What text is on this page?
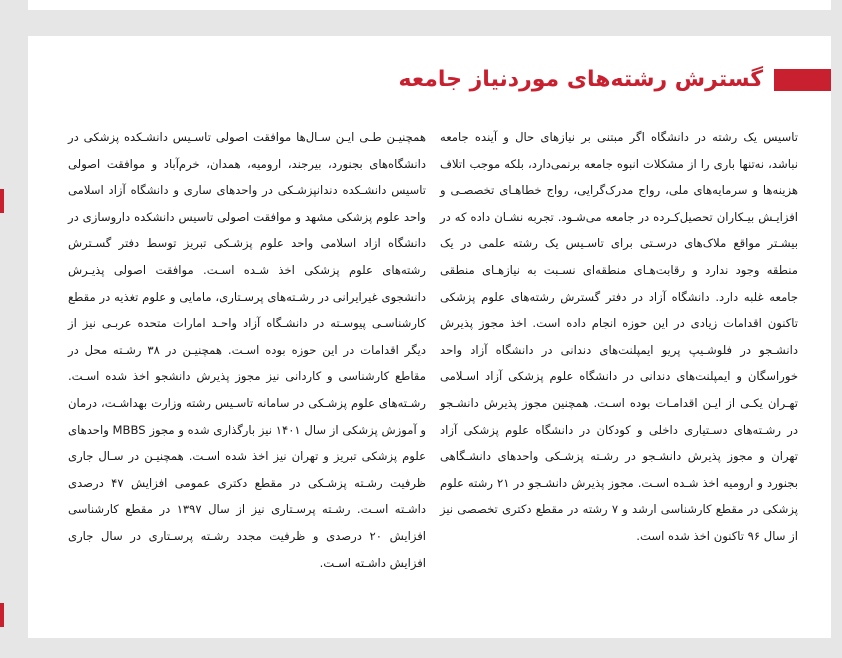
گسترش رشته‌های موردنیاز جامعه

تاسیس یک رشته در دانشگاه اگر مبتنی بر نیازهای حال و آینده جامعه نباشد، نه‌تنها باری را از مشکلات انبوه جامعه برنمی‌دارد، بلکه موجب اتلاف هزینه‌ها و سرمایه‌های ملی، رواج مدرک‌گرایی، رواج خطاهـای تخصصـی و افزایـش بیـکاران تحصیل‌کـرده در جامعه می‌شـود. تجربه نشـان داده که در بیشـتر مواقع ملاک‌های درسـتی برای تاسـیس یک رشته علمی در یک منطقه وجود ندارد و رقابت‌هـای منطقه‌ای نسـبت به نیازهـای منطقی جامعه غلبه دارد. دانشگاه آزاد در دفتر گسترش رشته‌های علوم پزشکی تاکنون اقدامات زیادی در این حوزه انجام داده است. اخذ مجوز پذیرش دانشـجو در فلوشـیپ پریو ایمپلنت‌های دندانی در دانشگاه آزاد واحد خوراسگان و ایمپلنت‌های دندانی در دانشگاه علوم پزشکی آزاد اسـلامی تهـران یکـی از ایـن اقدامـات بوده اسـت. همچنین مجوز پذیرش دانشـجو در رشـته‌های دسـتیاری داخلی و کودکان در دانشگاه علوم پزشکی آزاد تهران و مجوز پذیرش دانشـجو در رشـته پزشـکی واحدهای دانشـگاهی بجنورد و ارومیه اخذ شـده اسـت. مجوز پذیرش دانشـجو در ۲۱ رشته علوم پزشکی در مقطع کارشناسی ارشد و ۷ رشته در مقطع دکتری تخصصی نیز از سال ۹۶ تاکنون اخذ شده است.

همچنیـن طـی ایـن سـال‌ها موافقت اصولی تاسـیس دانشـکده پزشکی در دانشگاه‌های بجنورد، بیرجند، ارومیه، همدان، خرم‌آباد و موافقت اصولی تاسیس دانشـکده دندانپزشـکی در واحدهای ساری و دانشگاه آزاد اسلامی واحد علوم پزشکی مشهد و موافقت اصولی تاسیس دانشکده داروسازی در دانشگاه ازاد اسلامی واحد علوم پزشـکی تبریز توسط دفتر گسـترش رشته‌های علوم پزشکی اخذ شـده اسـت. موافقت اصولی پذیـرش دانشجوی غیرایرانی در رشـته‌های پرسـتاری، مامایی و علوم تغذیه در مقطع کارشناسـی پیوسـته در دانشـگاه آزاد واحـد امارات متحده عربـی نیز از دیگر اقدامات در این حوزه بوده اسـت. همچنیـن در ۳۸ رشـته محل در مقاطع کارشناسی و کاردانی نیز مجوز پذیرش دانشجو اخذ شده اسـت. رشـته‌های علوم پزشـکی در سامانه تاسـیس رشته وزارت بهداشـت، درمان و آموزش پزشکی از سال ۱۴۰۱ نیز بارگذاری شده و مجوز MBBS واحدهای علوم پزشکی تبریز و تهران نیز اخذ شده اسـت. همچنیـن در سـال جاری ظرفیت رشـته پزشـکی در مقطع دکتری عمومی افزایش ۴۷ درصدی داشـته اسـت. رشـته پرسـتاری نیز از سال ۱۳۹۷ در مقطع کارشناسی افزایش ۲۰ درصدی و ظرفیت مجدد رشـته پرسـتاری در سال جاری افزایش داشـته اسـت.
